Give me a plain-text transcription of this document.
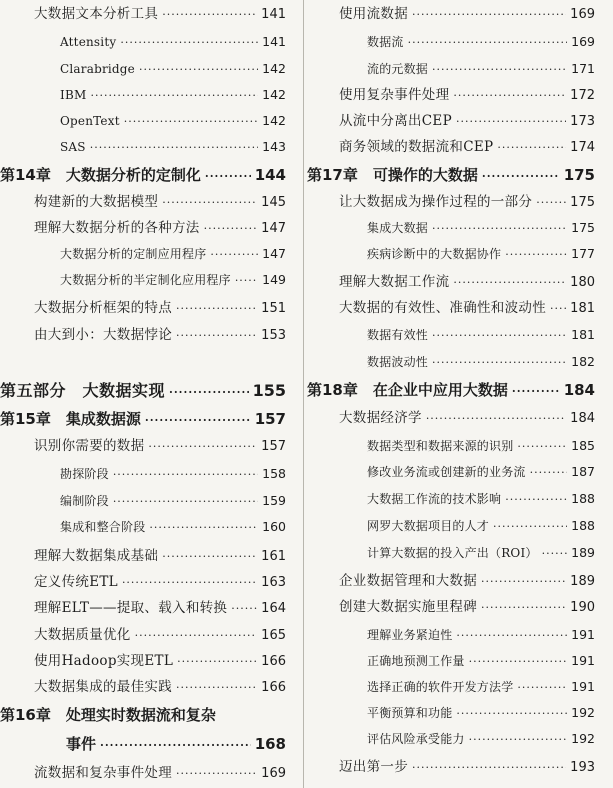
大数据文本分析工具 ·····	141
Attensity ·····	141
Clarabridge ·····	142
IBM ·····	142
OpenText ·····	142
SAS ·····	143
第14章　大数据分析的定制化 ·····	144
构建新的大数据模型 ·····	145
理解大数据分析的各种方法 ·····	147
大数据分析的定制应用程序 ·····	147
大数据分析的半定制化应用程序 ·····	149
大数据分析框架的特点 ·····	151
由大到小：大数据悖论 ·····	153
第五部分　大数据实现 ·····	155
第15章　集成数据源 ·····	157
识别你需要的数据 ·····	157
勘探阶段 ·····	158
编制阶段 ·····	159
集成和整合阶段 ·····	160
理解大数据集成基础 ·····	161
定义传统ETL ·····	163
理解ELT——提取、载入和转换 ·····	164
大数据质量优化 ·····	165
使用Hadoop实现ETL ·····	166
大数据集成的最佳实践 ·····	166
第16章　处理实时数据流和复杂
事件 ·····	168
流数据和复杂事件处理 ·····	169
使用流数据 ·····	169
数据流 ·····	169
流的元数据 ·····	171
使用复杂事件处理 ·····	172
从流中分离出CEP ·····	173
商务领域的数据流和CEP ·····	174
第17章　可操作的大数据 ·····	175
让大数据成为操作过程的一部分 ·····	175
集成大数据 ·····	175
疾病诊断中的大数据协作 ·····	177
理解大数据工作流 ·····	180
大数据的有效性、准确性和波动性 ····· 181
数据有效性 ·····	181
数据波动性 ·····	182
第18章　在企业中应用大数据 ·····	184
大数据经济学 ·····	184
数据类型和数据来源的识别 ·····	185
修改业务流或创建新的业务流 ·····	187
大数据工作流的技术影响 ·····	188
网罗大数据项目的人才 ·····	188
计算大数据的投入产出（ROI） ·····	189
企业数据管理和大数据 ·····	189
创建大数据实施里程碑 ·····	190
理解业务紧迫性 ·····	191
正确地预测工作量 ·····	191
选择正确的软件开发方法学 ·····	191
平衡预算和功能 ·····	192
评估风险承受能力 ·····	192
迈出第一步 ·····	193
